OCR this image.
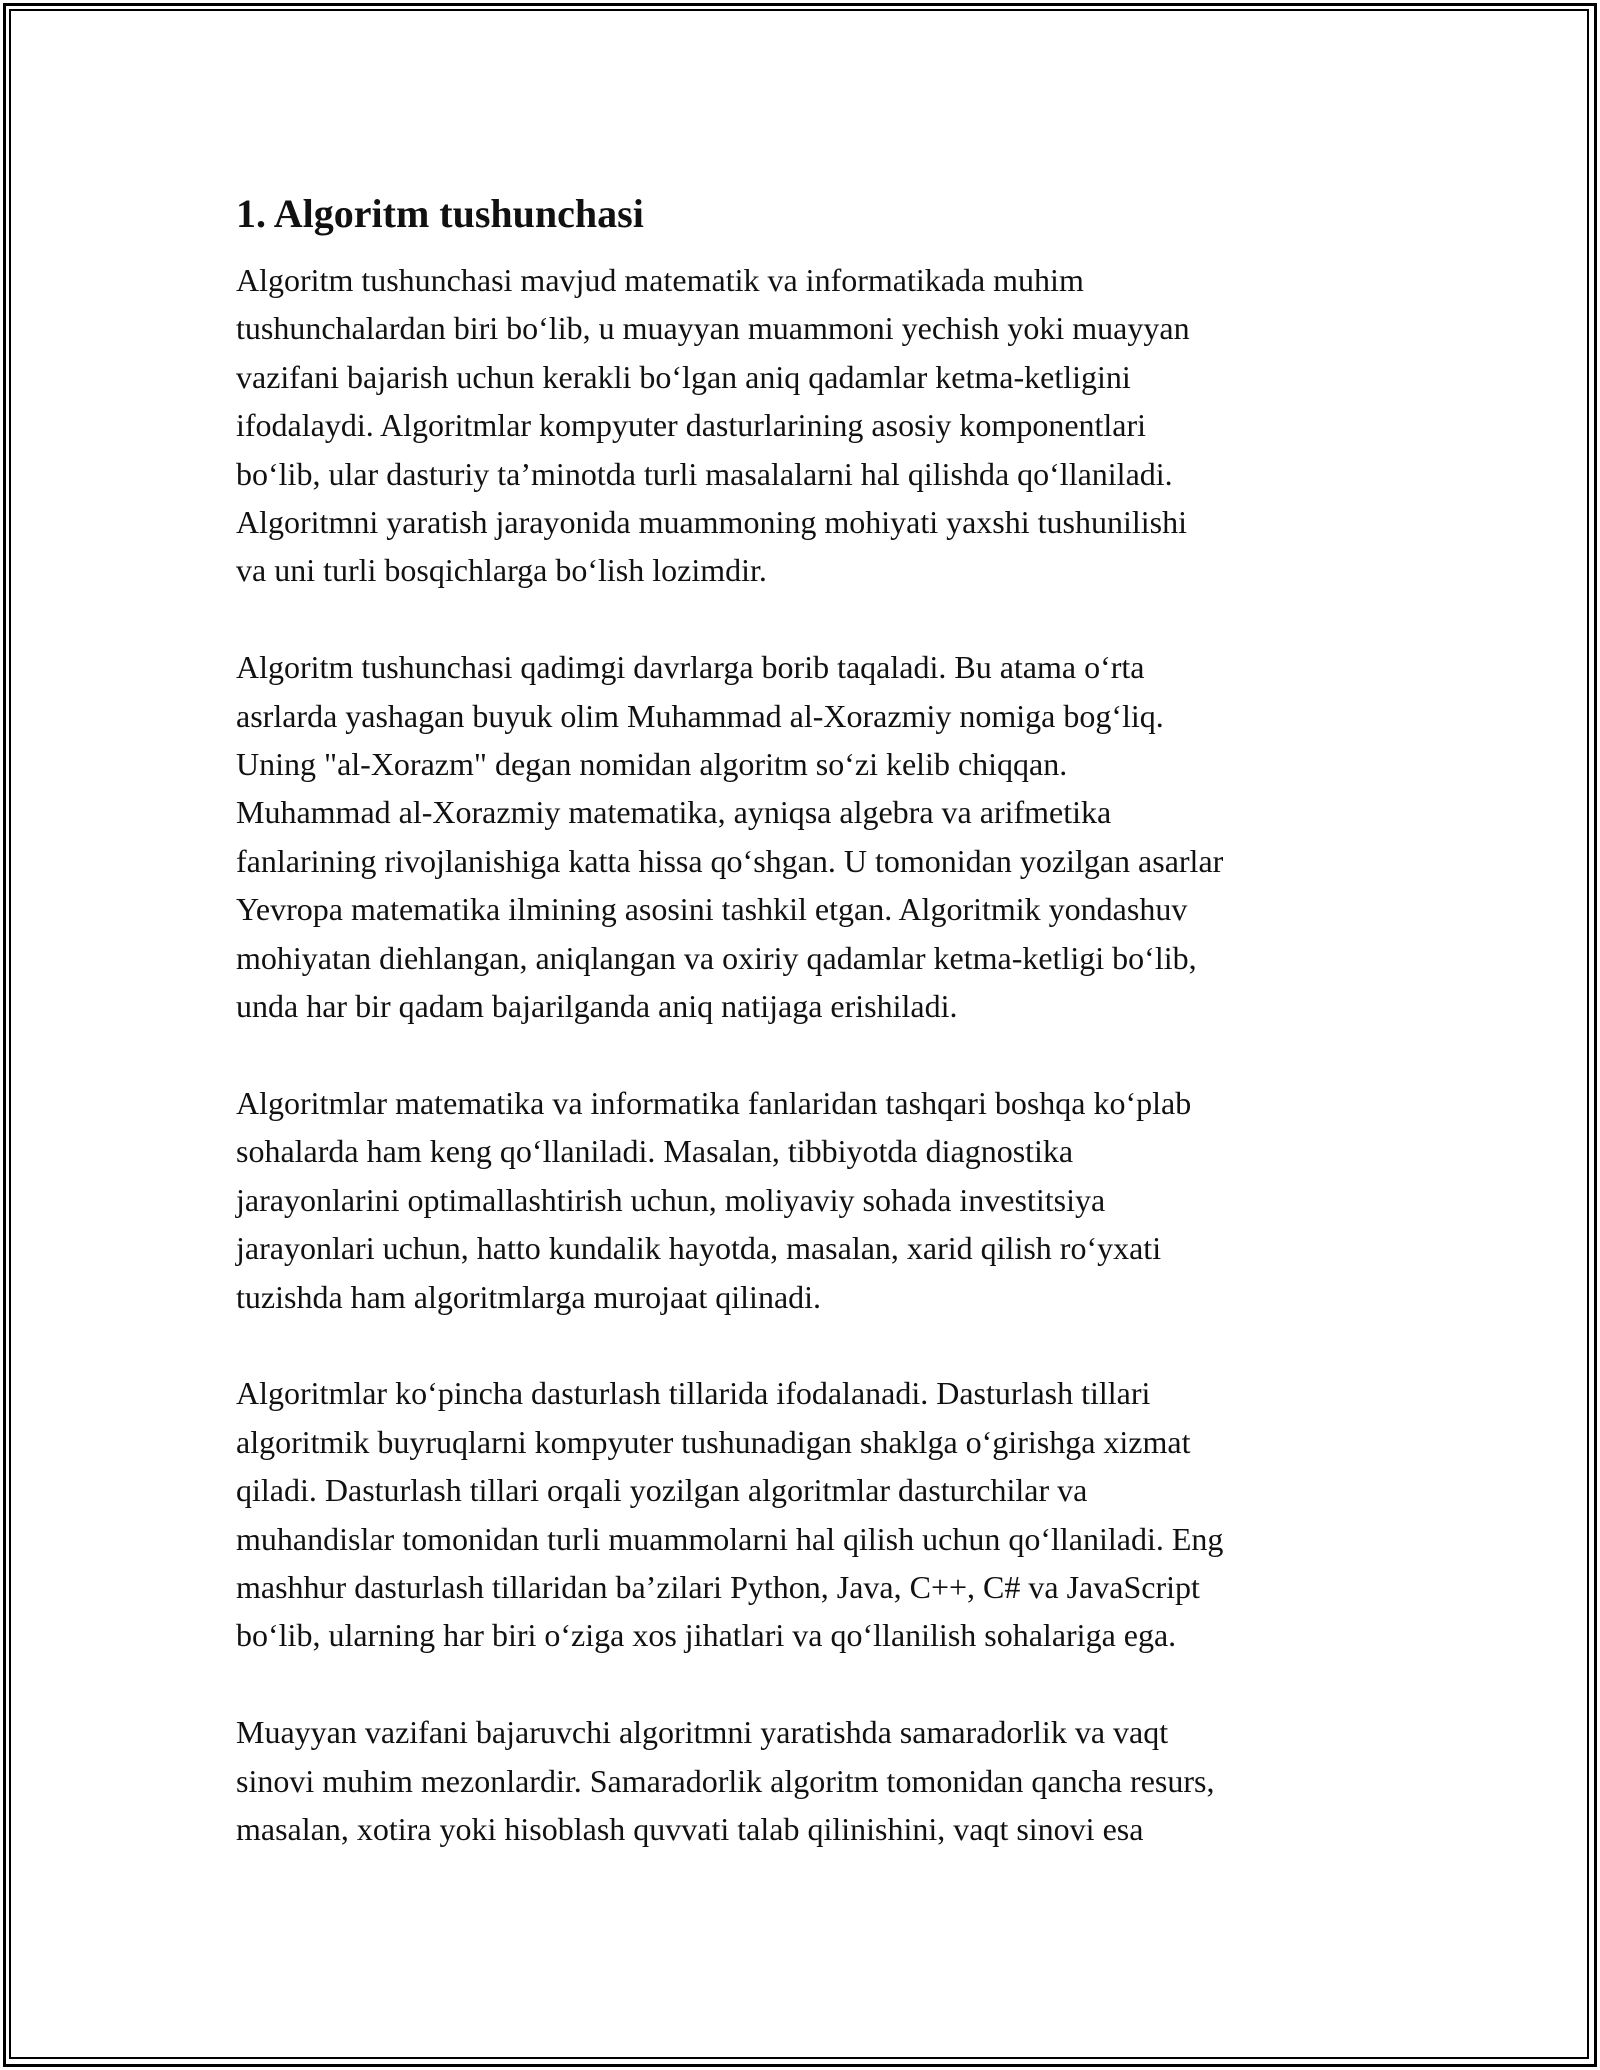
1. Algoritm tushunchasi

Algoritm tushunchasi mavjud matematik va informatikada muhim
tushunchalardan biri bo‘lib, u muayyan muammoni yechish yoki muayyan
vazifani bajarish uchun kerakli bo‘lgan aniq qadamlar ketma-ketligini
ifodalaydi. Algoritmlar kompyuter dasturlarining asosiy komponentlari
bo‘lib, ular dasturiy ta’minotda turli masalalarni hal qilishda qo‘llaniladi.
Algoritmni yaratish jarayonida muammoning mohiyati yaxshi tushunilishi
va uni turli bosqichlarga bo‘lish lozimdir.

Algoritm tushunchasi qadimgi davrlarga borib taqaladi. Bu atama o‘rta
asrlarda yashagan buyuk olim Muhammad al-Xorazmiy nomiga bog‘liq.
Uning "al-Xorazm" degan nomidan algoritm so‘zi kelib chiqqan.
Muhammad al-Xorazmiy matematika, ayniqsa algebra va arifmetika
fanlarining rivojlanishiga katta hissa qo‘shgan. U tomonidan yozilgan asarlar
Yevropa matematika ilmining asosini tashkil etgan. Algoritmik yondashuv
mohiyatan diehlangan, aniqlangan va oxiriy qadamlar ketma-ketligi bo‘lib,
unda har bir qadam bajarilganda aniq natijaga erishiladi.

Algoritmlar matematika va informatika fanlaridan tashqari boshqa ko‘plab
sohalarda ham keng qo‘llaniladi. Masalan, tibbiyotda diagnostika
jarayonlarini optimallashtirish uchun, moliyaviy sohada investitsiya
jarayonlari uchun, hatto kundalik hayotda, masalan, xarid qilish ro‘yxati
tuzishda ham algoritmlarga murojaat qilinadi.

Algoritmlar ko‘pincha dasturlash tillarida ifodalanadi. Dasturlash tillari
algoritmik buyruqlarni kompyuter tushunadigan shaklga o‘girishga xizmat
qiladi. Dasturlash tillari orqali yozilgan algoritmlar dasturchilar va
muhandislar tomonidan turli muammolarni hal qilish uchun qo‘llaniladi. Eng
mashhur dasturlash tillaridan ba’zilari Python, Java, C++, C# va JavaScript
bo‘lib, ularning har biri o‘ziga xos jihatlari va qo‘llanilish sohalariga ega.

Muayyan vazifani bajaruvchi algoritmni yaratishda samaradorlik va vaqt
sinovi muhim mezonlardir. Samaradorlik algoritm tomonidan qancha resurs,
masalan, xotira yoki hisoblash quvvati talab qilinishini, vaqt sinovi esa
